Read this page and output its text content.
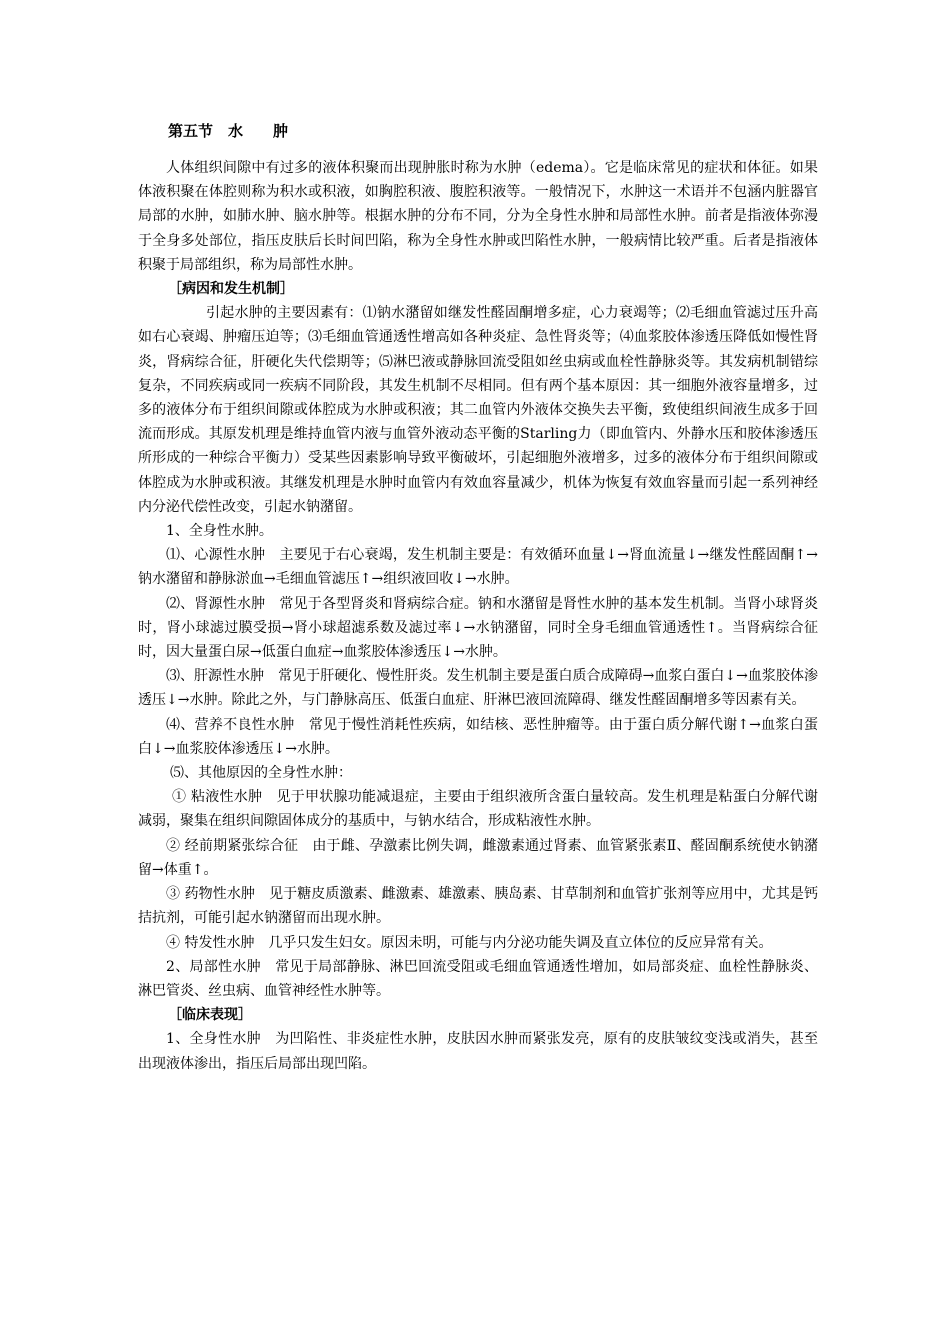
第五节　水　　肿

人体组织间隙中有过多的液体积聚而出现肿胀时称为水肿（edema）。它是临床常见的症状和体征。如果体液积聚在体腔则称为积水或积液，如胸腔积液、腹腔积液等。一般情况下，水肿这一术语并不包涵内脏器官局部的水肿，如肺水肿、脑水肿等。根据水肿的分布不同，分为全身性水肿和局部性水肿。前者是指液体弥漫于全身多处部位，指压皮肤后长时间凹陷，称为全身性水肿或凹陷性水肿，一般病情比较严重。后者是指液体积聚于局部组织，称为局部性水肿。

［病因和发生机制］

引起水肿的主要因素有：⑴钠水潴留如继发性醛固酮增多症，心力衰竭等；⑵毛细血管滤过压升高如右心衰竭、肿瘤压迫等；⑶毛细血管通透性增高如各种炎症、急性肾炎等；⑷血浆胶体渗透压降低如慢性肾炎，肾病综合征，肝硬化失代偿期等；⑸淋巴液或静脉回流受阻如丝虫病或血栓性静脉炎等。其发病机制错综复杂，不同疾病或同一疾病不同阶段，其发生机制不尽相同。但有两个基本原因：其一细胞外液容量增多，过多的液体分布于组织间隙或体腔成为水肿或积液；其二血管内外液体交换失去平衡，致使组织间液生成多于回流而形成。其原发机理是维持血管内液与血管外液动态平衡的Starling力（即血管内、外静水压和胶体渗透压所形成的一种综合平衡力）受某些因素影响导致平衡破坏，引起细胞外液增多，过多的液体分布于组织间隙或体腔成为水肿或积液。其继发机理是水肿时血管内有效血容量减少，机体为恢复有效血容量而引起一系列神经内分泌代偿性改变，引起水钠潴留。

1、全身性水肿。

⑴、心源性水肿　主要见于右心衰竭，发生机制主要是：有效循环血量↓→肾血流量↓→继发性醛固酮↑→钠水潴留和静脉淤血→毛细血管滤压↑→组织液回收↓→水肿。

⑵、肾源性水肿　常见于各型肾炎和肾病综合症。钠和水潴留是肾性水肿的基本发生机制。当肾小球肾炎时，肾小球滤过膜受损→肾小球超滤系数及滤过率↓→水钠潴留，同时全身毛细血管通透性↑。当肾病综合征时，因大量蛋白尿→低蛋白血症→血浆胶体渗透压↓→水肿。

⑶、肝源性水肿　常见于肝硬化、慢性肝炎。发生机制主要是蛋白质合成障碍→血浆白蛋白↓→血浆胶体渗透压↓→水肿。除此之外，与门静脉高压、低蛋白血症、肝淋巴液回流障碍、继发性醛固酮增多等因素有关。

⑷、营养不良性水肿　常见于慢性消耗性疾病，如结核、恶性肿瘤等。由于蛋白质分解代谢↑→血浆白蛋白↓→血浆胶体渗透压↓→水肿。

⑸、其他原因的全身性水肿：

① 粘液性水肿　见于甲状腺功能减退症，主要由于组织液所含蛋白量较高。发生机理是粘蛋白分解代谢减弱，聚集在组织间隙固体成分的基质中，与钠水结合，形成粘液性水肿。

② 经前期紧张综合征　由于雌、孕激素比例失调，雌激素通过肾素、血管紧张素Ⅱ、醛固酮系统使水钠潴留→体重↑。

③ 药物性水肿　见于糖皮质激素、雌激素、雄激素、胰岛素、甘草制剂和血管扩张剂等应用中，尤其是钙拮抗剂，可能引起水钠潴留而出现水肿。

④ 特发性水肿　几乎只发生妇女。原因未明，可能与内分泌功能失调及直立体位的反应异常有关。

2、局部性水肿　常见于局部静脉、淋巴回流受阻或毛细血管通透性增加，如局部炎症、血栓性静脉炎、淋巴管炎、丝虫病、血管神经性水肿等。

［临床表现］

1、全身性水肿　为凹陷性、非炎症性水肿，皮肤因水肿而紧张发亮，原有的皮肤皱纹变浅或消失，甚至出现液体渗出，指压后局部出现凹陷。
